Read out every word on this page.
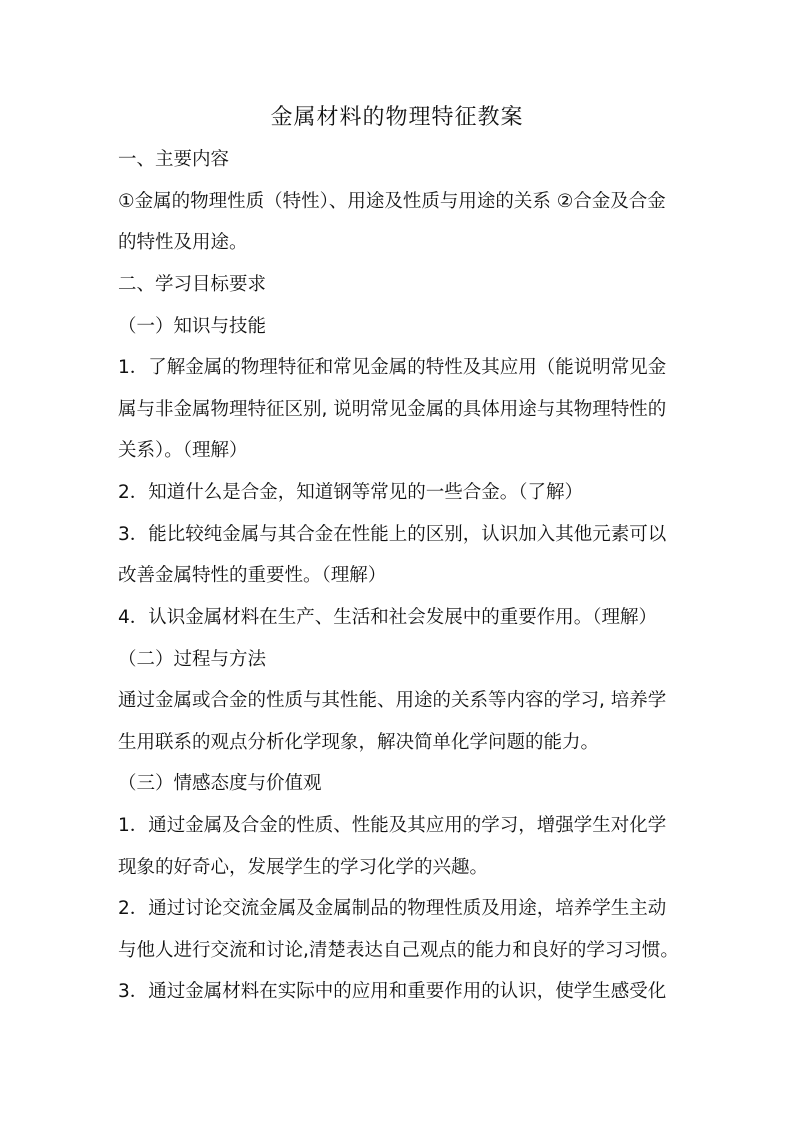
金属材料的物理特征教案
一、主要内容
①金属的物理性质（特性）、用途及性质与用途的关系 ②合金及合金
的特性及用途。
二、学习目标要求
（一）知识与技能
1．了解金属的物理特征和常见金属的特性及其应用（能说明常见金
属与非金属物理特征区别, 说明常见金属的具体用途与其物理特性的
关系）。（理解）
2．知道什么是合金，知道钢等常见的一些合金。（了解）
3．能比较纯金属与其合金在性能上的区别，认识加入其他元素可以
改善金属特性的重要性。（理解）
4．认识金属材料在生产、生活和社会发展中的重要作用。（理解）
（二）过程与方法
通过金属或合金的性质与其性能、用途的关系等内容的学习, 培养学
生用联系的观点分析化学现象，解决简单化学问题的能力。
（三）情感态度与价值观
1．通过金属及合金的性质、性能及其应用的学习，增强学生对化学
现象的好奇心，发展学生的学习化学的兴趣。
2．通过讨论交流金属及金属制品的物理性质及用途，培养学生主动
与他人进行交流和讨论,清楚表达自己观点的能力和良好的学习习惯。
3．通过金属材料在实际中的应用和重要作用的认识，使学生感受化
